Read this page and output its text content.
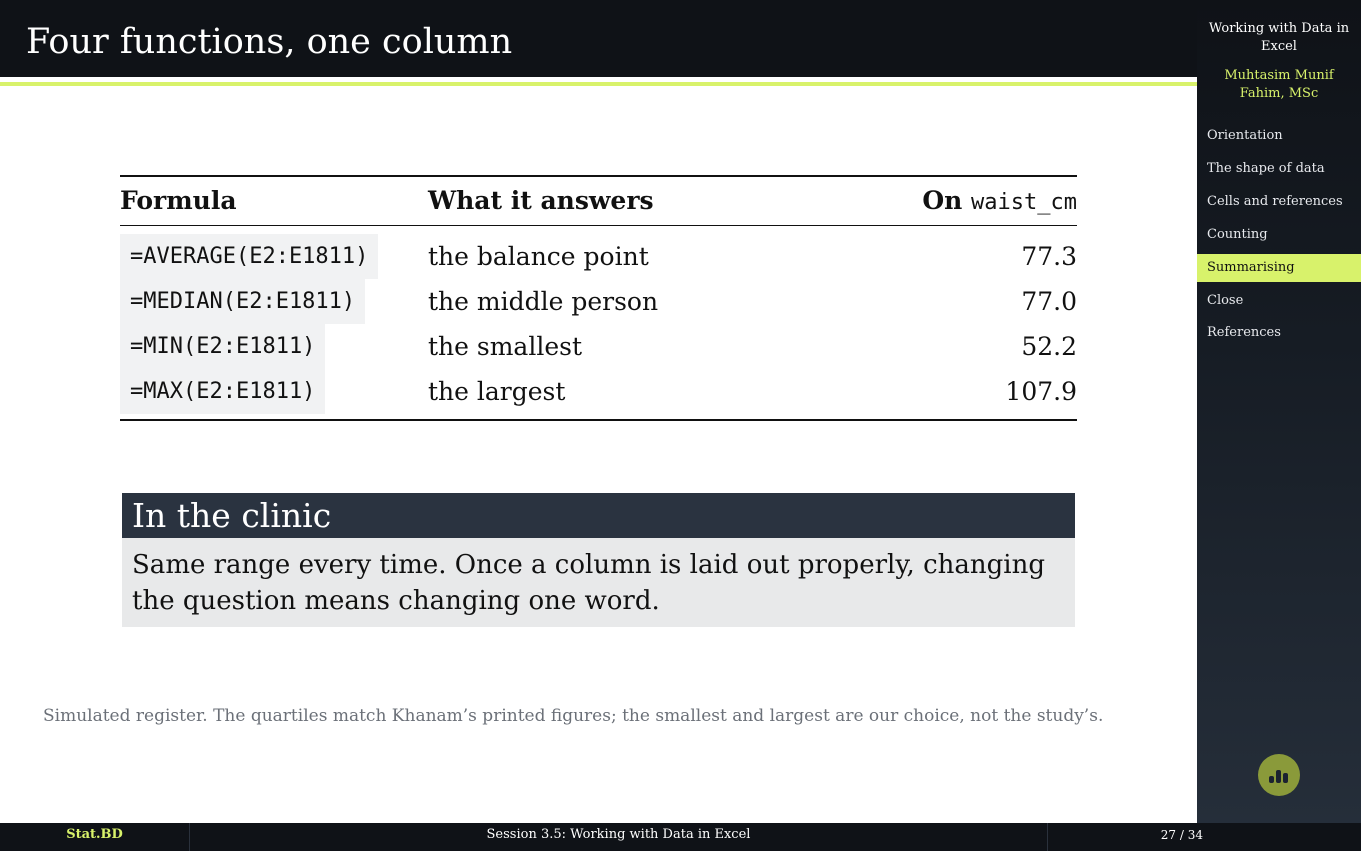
Four functions, one column
Formula	What it answers	On waist_cm
=AVERAGE(E2:E1811)	the balance point	77.3
=MEDIAN(E2:E1811)	the middle person	77.0
=MIN(E2:E1811)	the smallest	52.2
=MAX(E2:E1811)	the largest	107.9
In the clinic
Same range every time. Once a column is laid out properly, changing the question means changing one word.
Simulated register. The quartiles match Khanam’s printed figures; the smallest and largest are our choice, not the study’s.
Working with Data in Excel
Muhtasim Munif Fahim, MSc
Orientation
The shape of data
Cells and references
Counting
Summarising
Close
References
Stat.BD	Session 3.5: Working with Data in Excel	27 / 34
